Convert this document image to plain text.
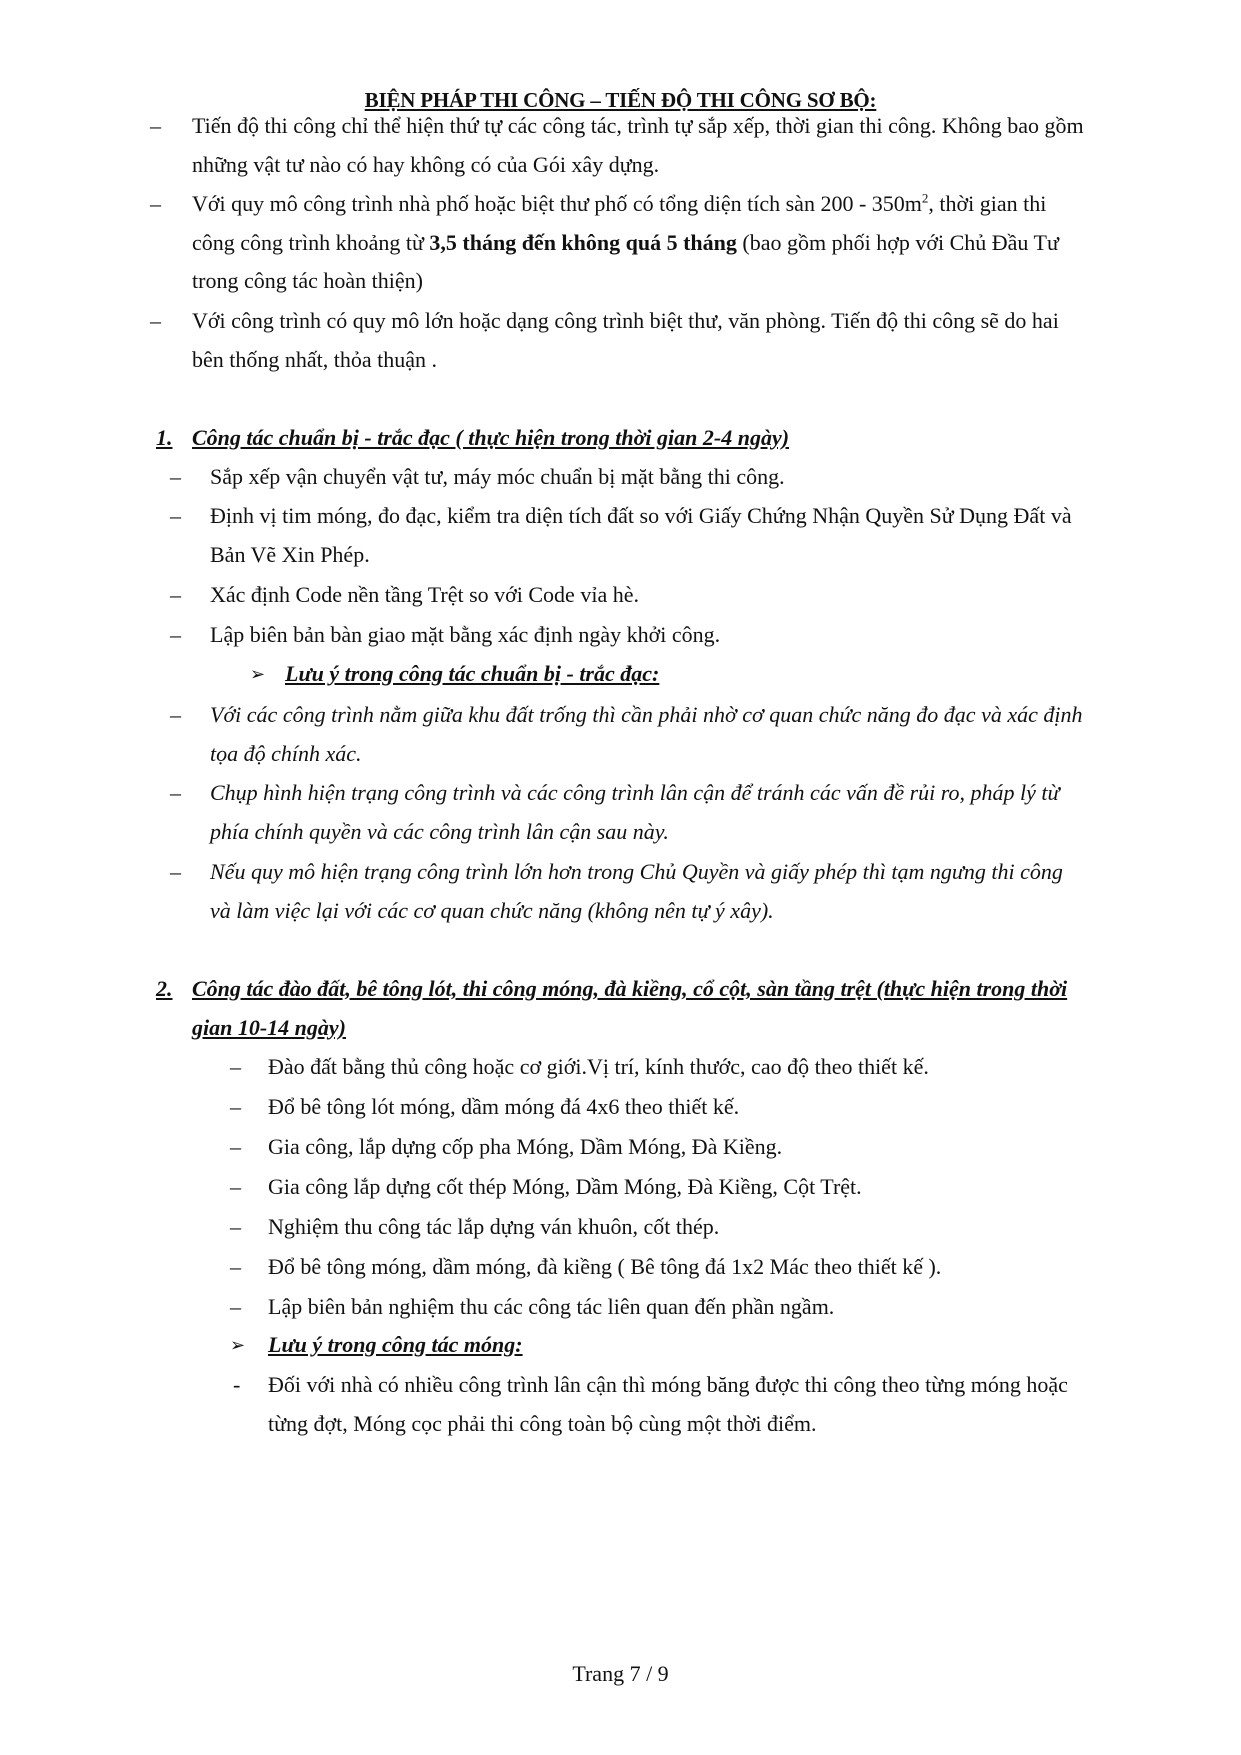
BIỆN PHÁP THI CÔNG – TIẾN ĐỘ THI CÔNG SƠ BỘ:
– Tiến độ thi công chỉ thể hiện thứ tự các công tác, trình tự sắp xếp, thời gian thi công. Không bao gồm
những vật tư nào có hay không có của Gói xây dựng.
– Với quy mô công trình nhà phố hoặc biệt thư phố có tổng diện tích sàn $200 - 350m^2$, thời gian thi
công công trình khoảng từ 3,5 tháng đến không quá 5 tháng (bao gồm phối hợp với Chủ Đầu Tư
trong công tác hoàn thiện)
– Với công trình có quy mô lớn hoặc dạng công trình biệt thư, văn phòng. Tiến độ thi công sẽ do hai
bên thống nhất, thỏa thuận .
1. Công tác chuẩn bị - trắc đạc ( thực hiện trong thời gian 2-4 ngày)
– Sắp xếp vận chuyển vật tư, máy móc chuẩn bị mặt bằng thi công.
– Định vị tim móng, đo đạc, kiểm tra diện tích đất so với Giấy Chứng Nhận Quyền Sử Dụng Đất và
Bản Vẽ Xin Phép.
– Xác định Code nền tầng Trệt so với Code vỉa hè.
– Lập biên bản bàn giao mặt bằng xác định ngày khởi công.
➢ Lưu ý trong công tác chuẩn bị - trắc đạc:
– Với các công trình nằm giữa khu đất trống thì cần phải nhờ cơ quan chức năng đo đạc và xác định
tọa độ chính xác.
– Chụp hình hiện trạng công trình và các công trình lân cận để tránh các vấn đề rủi ro, pháp lý từ
phía chính quyền và các công trình lân cận sau này.
– Nếu quy mô hiện trạng công trình lớn hơn trong Chủ Quyền và giấy phép thì tạm ngưng thi công
và làm việc lại với các cơ quan chức năng (không nên tự ý xây).
2. Công tác đào đất, bê tông lót, thi công móng, đà kiềng, cổ cột, sàn tầng trệt (thực hiện trong thời
gian 10-14 ngày)
– Đào đất bằng thủ công hoặc cơ giới.Vị trí, kính thước, cao độ theo thiết kế.
– Đổ bê tông lót móng, dầm móng đá 4x6 theo thiết kế.
– Gia công, lắp dựng cốp pha Móng, Dầm Móng, Đà Kiềng.
– Gia công lắp dựng cốt thép Móng, Dầm Móng, Đà Kiềng, Cột Trệt.
– Nghiệm thu công tác lắp dựng ván khuôn, cốt thép.
– Đổ bê tông móng, dầm móng, đà kiềng ( Bê tông đá 1x2 Mác theo thiết kế ).
– Lập biên bản nghiệm thu các công tác liên quan đến phần ngầm.
➢ Lưu ý trong công tác móng:
- Đối với nhà có nhiều công trình lân cận thì móng băng được thi công theo từng móng hoặc
từng đợt, Móng cọc phải thi công toàn bộ cùng một thời điểm.
Trang 7 / 9
